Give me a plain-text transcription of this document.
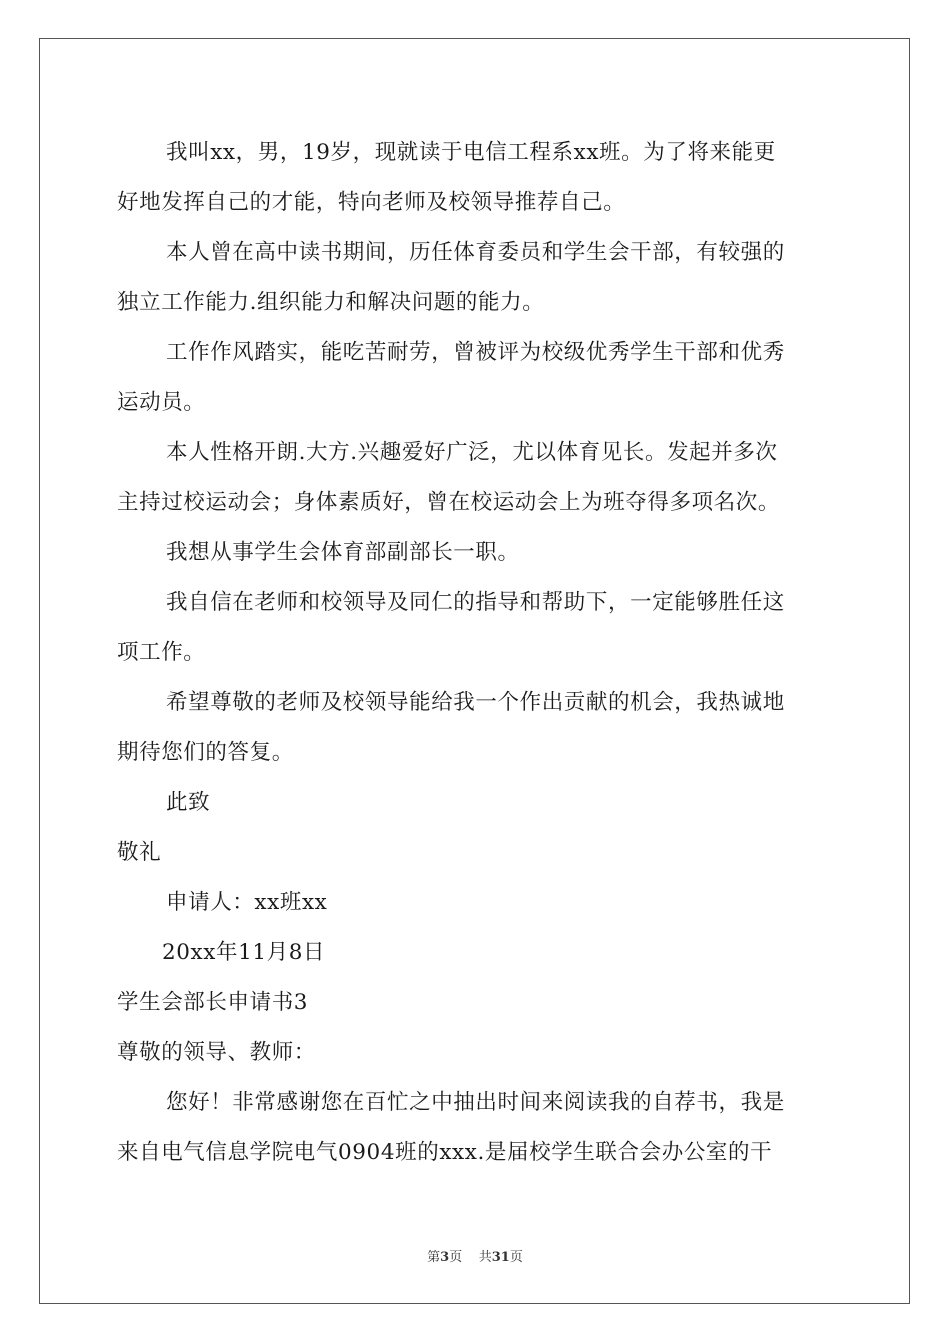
我叫xx，男，19岁，现就读于电信工程系xx班。为了将来能更
好地发挥自己的才能，特向老师及校领导推荐自己。
本人曾在高中读书期间，历任体育委员和学生会干部，有较强的
独立工作能力.组织能力和解决问题的能力。
工作作风踏实，能吃苦耐劳，曾被评为校级优秀学生干部和优秀
运动员。
本人性格开朗.大方.兴趣爱好广泛，尤以体育见长。发起并多次
主持过校运动会；身体素质好，曾在校运动会上为班夺得多项名次。
我想从事学生会体育部副部长一职。
我自信在老师和校领导及同仁的指导和帮助下，一定能够胜任这
项工作。
希望尊敬的老师及校领导能给我一个作出贡献的机会，我热诚地
期待您们的答复。
此致
敬礼
申请人：xx班xx
20xx年11月8日
学生会部长申请书3
尊敬的领导、教师：
您好！非常感谢您在百忙之中抽出时间来阅读我的自荐书，我是
来自电气信息学院电气0904班的xxx.是届校学生联合会办公室的干
第3页    共31页
